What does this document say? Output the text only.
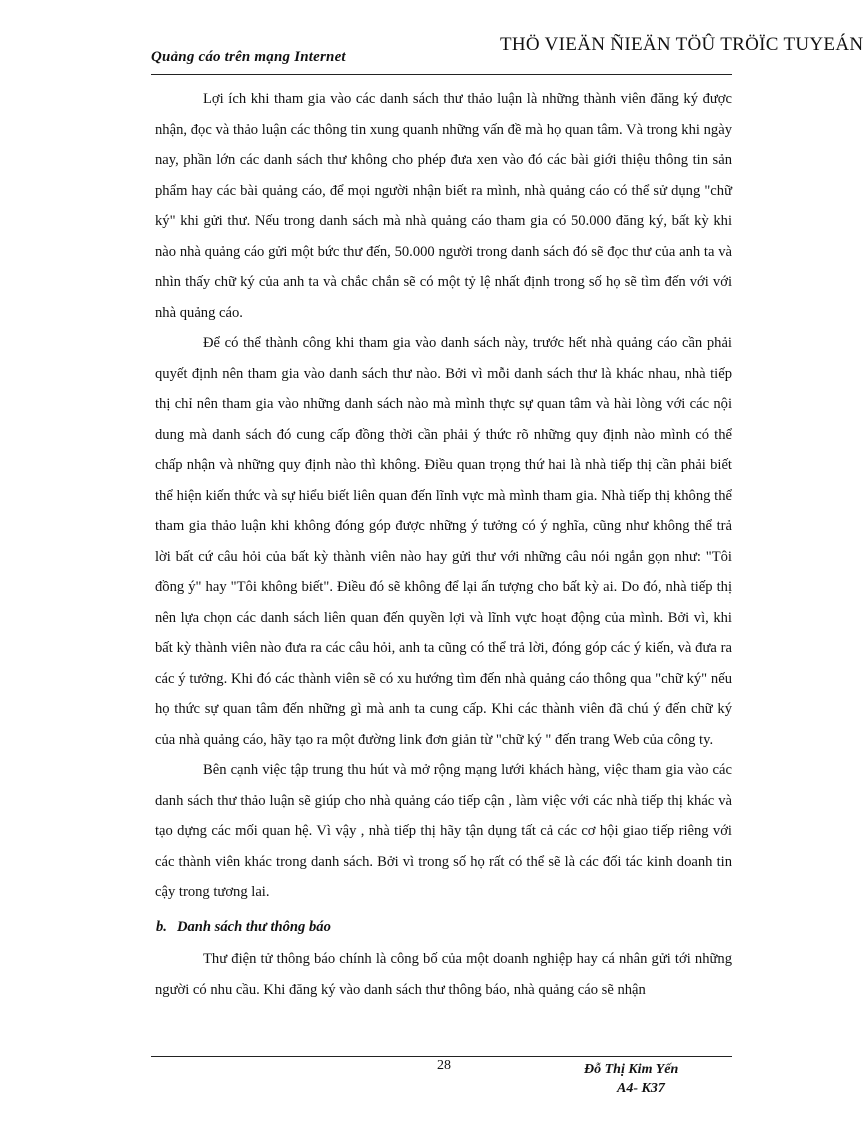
Quảng cáo trên mạng Internet
THÖ VIEÄN ÑIEÄN TÖÛ TRÖÏC TUYEÁN

Lợi ích khi tham gia vào các danh sách thư thảo luận là những thành viên đăng ký được nhận, đọc và thảo luận các thông tin xung quanh những vấn đề mà họ quan tâm. Và trong khi ngày nay, phần lớn các danh sách thư không cho phép đưa xen vào đó các bài giới thiệu thông tin sản phẩm hay các bài quảng cáo, để mọi người nhận biết ra mình, nhà quảng cáo có thể sử dụng "chữ ký" khi gửi thư. Nếu trong danh sách mà nhà quảng cáo tham gia có 50.000 đăng ký, bất kỳ khi nào nhà quảng cáo gửi một bức thư đến, 50.000 người trong danh sách đó sẽ đọc thư của anh ta và nhìn thấy chữ ký của anh ta và chắc chắn sẽ có một tỷ lệ nhất định trong số họ sẽ tìm đến với với nhà quảng cáo.

Để có thể thành công khi tham gia vào danh sách này, trước hết nhà quảng cáo cần phải quyết định nên tham gia vào danh sách thư nào. Bởi vì mỗi danh sách thư là khác nhau, nhà tiếp thị chỉ nên tham gia vào những danh sách nào mà mình thực sự quan tâm và hài lòng với các nội dung mà danh sách đó cung cấp đồng thời cần phải ý thức rõ những quy định nào mình có thể chấp nhận và những quy định nào thì không. Điều quan trọng thứ hai là nhà tiếp thị cần phải biết thể hiện kiến thức và sự hiểu biết liên quan đến lĩnh vực mà mình tham gia. Nhà tiếp thị không thể tham gia thảo luận khi không đóng góp được những ý tưởng có ý nghĩa, cũng như không thể trả lời bất cứ câu hỏi của bất kỳ thành viên nào hay gửi thư với những câu nói ngắn gọn như: "Tôi đồng ý" hay "Tôi không biết". Điều đó sẽ không để lại ấn tượng cho bất kỳ ai. Do đó, nhà tiếp thị nên lựa chọn các danh sách liên quan đến quyền lợi và lĩnh vực hoạt động của mình. Bởi vì, khi bất kỳ thành viên nào đưa ra các câu hỏi, anh ta cũng có thể trả lời, đóng góp các ý kiến, và đưa ra các ý tưởng. Khi đó các thành viên sẽ có xu hướng tìm đến nhà quảng cáo thông qua "chữ ký" nếu họ thức sự quan tâm đến những gì mà anh ta cung cấp. Khi các thành viên đã chú ý đến chữ ký của nhà quảng cáo, hãy tạo ra một đường link đơn giản từ "chữ ký " đến trang Web của công ty.

Bên cạnh việc tập trung thu hút và mở rộng mạng lưới khách hàng, việc tham gia vào các danh sách thư thảo luận sẽ giúp cho nhà quảng cáo tiếp cận , làm việc với các nhà tiếp thị khác và tạo dựng các mối quan hệ. Vì vậy , nhà tiếp thị hãy tận dụng tất cả các cơ hội giao tiếp riêng với các thành viên khác trong danh sách. Bởi vì trong số họ rất có thể sẽ là các đối tác kinh doanh tin cậy trong tương lai.

b. Danh sách thư thông báo

Thư điện tử thông báo chính là công bố của một doanh nghiệp hay cá nhân gửi tới những người có nhu cầu. Khi đăng ký vào danh sách thư thông báo, nhà quảng cáo sẽ nhận

28	Đỗ Thị Kim Yến
A4- K37
